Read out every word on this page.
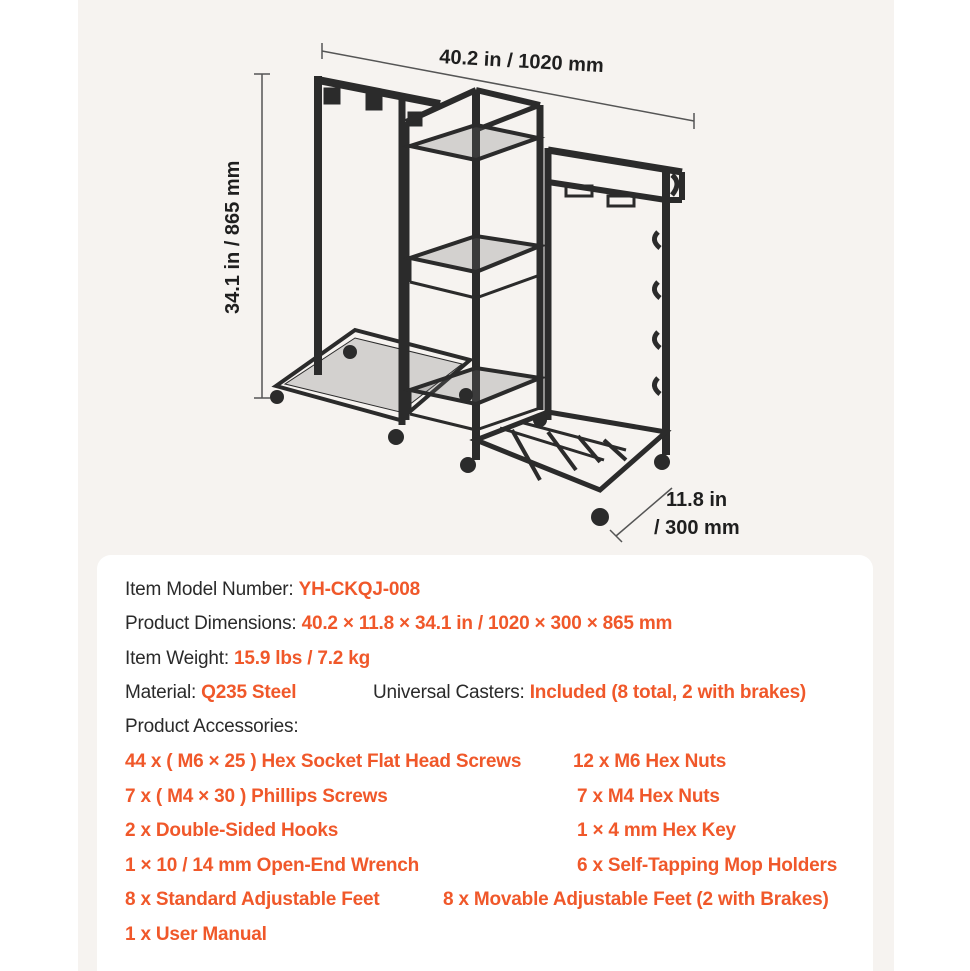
40.2 in / 1020 mm
34.1 in / 865 mm
11.8 in
/ 300 mm
Item Model Number: YH-CKQJ-008
Product Dimensions: 40.2 × 11.8 × 34.1 in / 1020 × 300 × 865 mm
Item Weight: 15.9 lbs / 7.2 kg
Material: Q235 Steel	Universal Casters: Included (8 total, 2 with brakes)
Product Accessories:
44 x ( M6 × 25 ) Hex Socket Flat Head Screws	12 x M6 Hex Nuts
7 x ( M4 × 30 ) Phillips Screws	7 x M4 Hex Nuts
2 x Double-Sided Hooks	1 × 4 mm Hex Key
1 × 10 / 14 mm Open-End Wrench	6 x Self-Tapping Mop Holders
8 x Standard Adjustable Feet	8 x Movable Adjustable Feet (2 with Brakes)
1 x User Manual
